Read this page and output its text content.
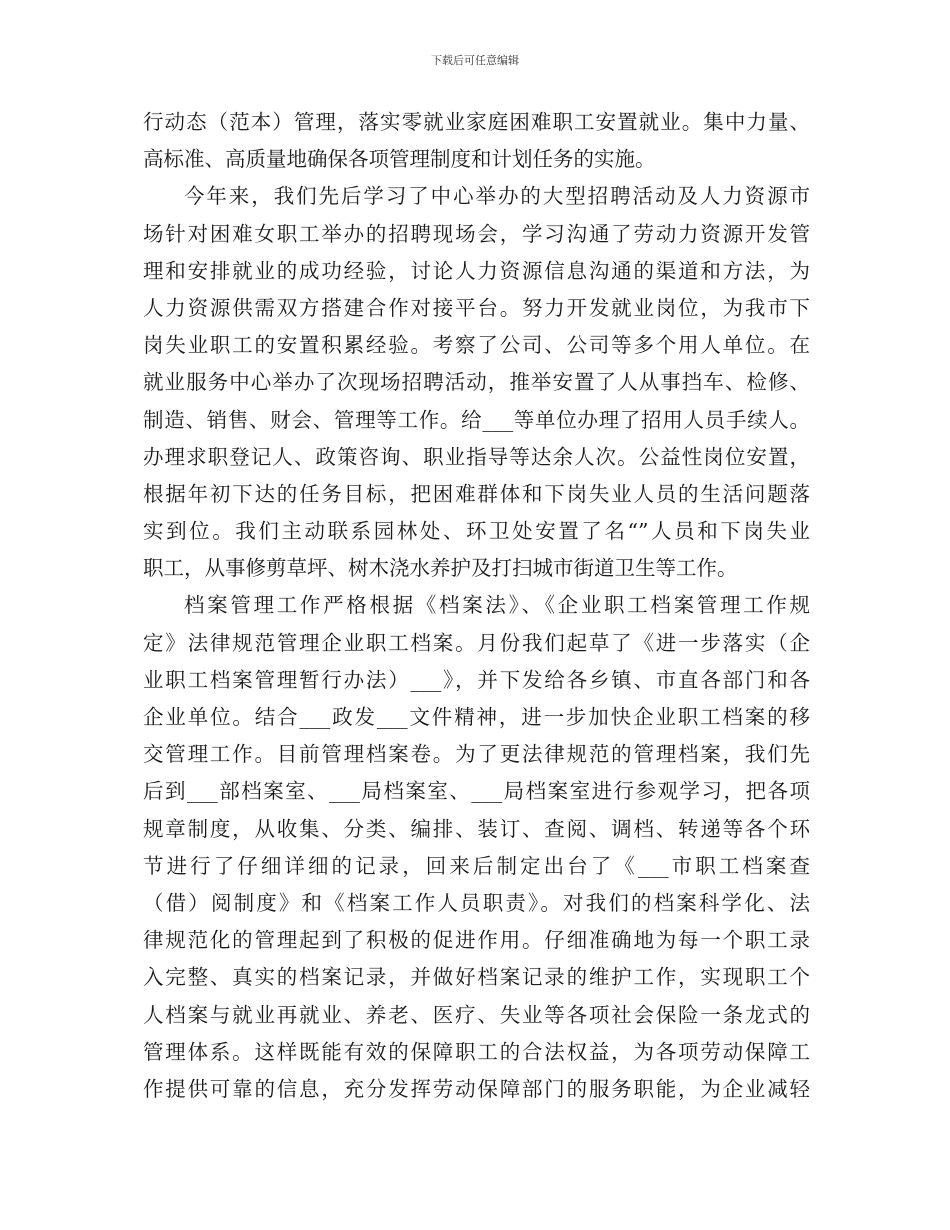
下载后可任意编辑
行动态（范本）管理，落实零就业家庭困难职工安置就业。集中力量、
高标准、高质量地确保各项管理制度和计划任务的实施。
今年来，我们先后学习了中心举办的大型招聘活动及人力资源市
场针对困难女职工举办的招聘现场会，学习沟通了劳动力资源开发管
理和安排就业的成功经验，讨论人力资源信息沟通的渠道和方法，为
人力资源供需双方搭建合作对接平台。努力开发就业岗位，为我市下
岗失业职工的安置积累经验。考察了公司、公司等多个用人单位。在
就业服务中心举办了次现场招聘活动，推举安置了人从事挡车、检修、
制造、销售、财会、管理等工作。给___等单位办理了招用人员手续人。
办理求职登记人、政策咨询、职业指导等达余人次。公益性岗位安置，
根据年初下达的任务目标，把困难群体和下岗失业人员的生活问题落
实到位。我们主动联系园林处、环卫处安置了名“”人员和下岗失业
职工，从事修剪草坪、树木浇水养护及打扫城市街道卫生等工作。
档案管理工作严格根据《档案法》、《企业职工档案管理工作规
定》法律规范管理企业职工档案。月份我们起草了《进一步落实（企
业职工档案管理暂行办法）___》，并下发给各乡镇、市直各部门和各
企业单位。结合___政发___文件精神，进一步加快企业职工档案的移
交管理工作。目前管理档案卷。为了更法律规范的管理档案，我们先
后到___部档案室、___局档案室、___局档案室进行参观学习，把各项
规章制度，从收集、分类、编排、装订、查阅、调档、转递等各个环
节进行了仔细详细的记录，回来后制定出台了《___市职工档案查
（借）阅制度》和《档案工作人员职责》。对我们的档案科学化、法
律规范化的管理起到了积极的促进作用。仔细准确地为每一个职工录
入完整、真实的档案记录，并做好档案记录的维护工作，实现职工个
人档案与就业再就业、养老、医疗、失业等各项社会保险一条龙式的
管理体系。这样既能有效的保障职工的合法权益，为各项劳动保障工
作提供可靠的信息，充分发挥劳动保障部门的服务职能，为企业减轻
